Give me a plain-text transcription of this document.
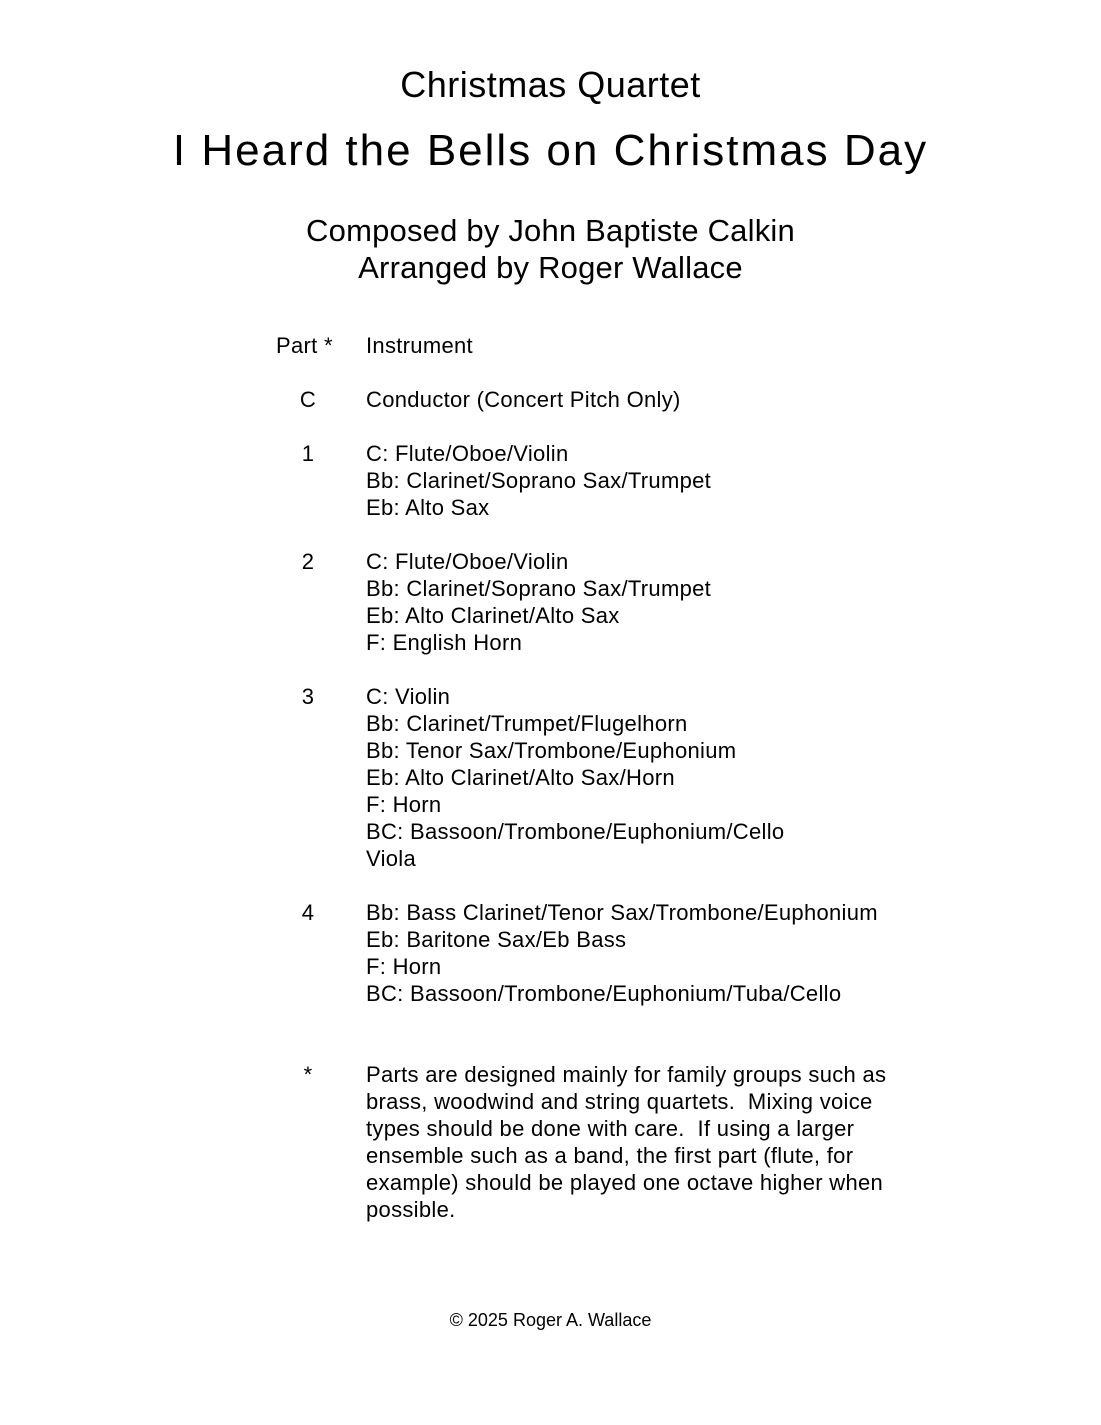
Christmas Quartet
I Heard the Bells on Christmas Day
Composed by John Baptiste Calkin
Arranged by Roger Wallace
Part *	Instrument
C	Conductor (Concert Pitch Only)
1	C: Flute/Oboe/Violin
Bb: Clarinet/Soprano Sax/Trumpet
Eb: Alto Sax
2	C: Flute/Oboe/Violin
Bb: Clarinet/Soprano Sax/Trumpet
Eb: Alto Clarinet/Alto Sax
F: English Horn
3	C: Violin
Bb: Clarinet/Trumpet/Flugelhorn
Bb: Tenor Sax/Trombone/Euphonium
Eb: Alto Clarinet/Alto Sax/Horn
F: Horn
BC: Bassoon/Trombone/Euphonium/Cello
Viola
4	Bb: Bass Clarinet/Tenor Sax/Trombone/Euphonium
Eb: Baritone Sax/Eb Bass
F: Horn
BC: Bassoon/Trombone/Euphonium/Tuba/Cello
*	Parts are designed mainly for family groups such as
brass, woodwind and string quartets.  Mixing voice
types should be done with care.  If using a larger
ensemble such as a band, the first part (flute, for
example) should be played one octave higher when
possible.
© 2025 Roger A. Wallace
